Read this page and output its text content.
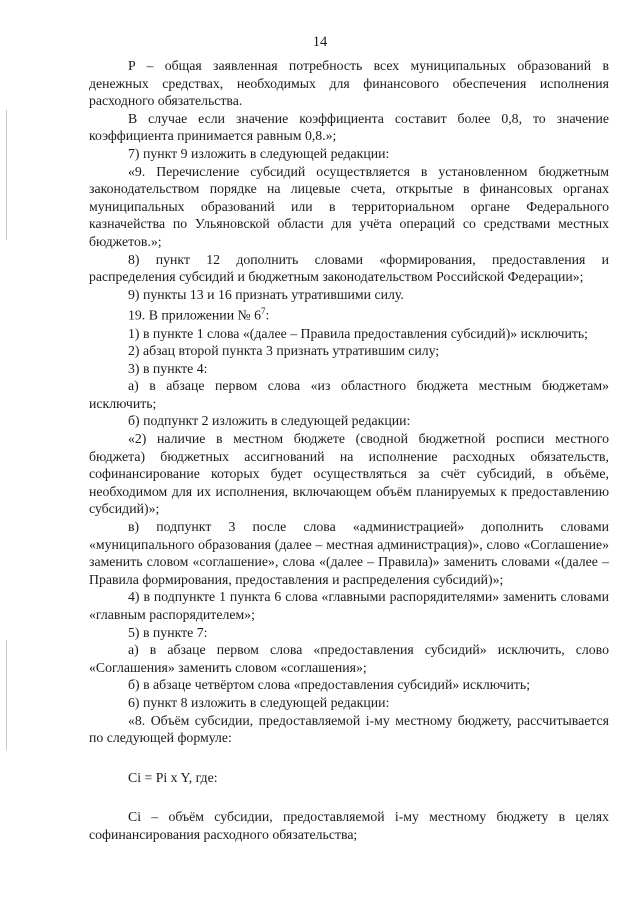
14

P – общая заявленная потребность всех муниципальных образований в денежных средствах, необходимых для финансового обеспечения исполнения расходного обязательства.

В случае если значение коэффициента составит более 0,8, то значение коэффициента принимается равным 0,8.»;

7) пункт 9 изложить в следующей редакции:

«9. Перечисление субсидий осуществляется в установленном бюджетным законодательством порядке на лицевые счета, открытые в финансовых органах муниципальных образований или в территориальном органе Федерального казначейства по Ульяновской области для учёта операций со средствами местных бюджетов.»;

8) пункт 12 дополнить словами «формирования, предоставления и распределения субсидий и бюджетным законодательством Российской Федерации»;

9) пункты 13 и 16 признать утратившими силу.

19. В приложении № $6^7$:

1) в пункте 1 слова «(далее – Правила предоставления субсидий)» исключить;

2) абзац второй пункта 3 признать утратившим силу;

3) в пункте 4:

а) в абзаце первом слова «из областного бюджета местным бюджетам» исключить;

б) подпункт 2 изложить в следующей редакции:

«2) наличие в местном бюджете (сводной бюджетной росписи местного бюджета) бюджетных ассигнований на исполнение расходных обязательств, софинансирование которых будет осуществляться за счёт субсидий, в объёме, необходимом для их исполнения, включающем объём планируемых к предоставлению субсидий)»;

в) подпункт 3 после слова «администрацией» дополнить словами «муниципального образования (далее – местная администрация)», слово «Соглашение» заменить словом «соглашение», слова «(далее – Правила)» заменить словами «(далее – Правила формирования, предоставления и распределения субсидий)»;

4) в подпункте 1 пункта 6 слова «главными распорядителями» заменить словами «главным распорядителем»;

5) в пункте 7:

а) в абзаце первом слова «предоставления субсидий» исключить, слово «Соглашения» заменить словом «соглашения»;

б) в абзаце четвёртом слова «предоставления субсидий» исключить;

6) пункт 8 изложить в следующей редакции:

«8. Объём субсидии, предоставляемой i-му местному бюджету, рассчитывается по следующей формуле:

Ci = Pi x Y, где:

Ci – объём субсидии, предоставляемой i-му местному бюджету в целях софинансирования расходного обязательства;
